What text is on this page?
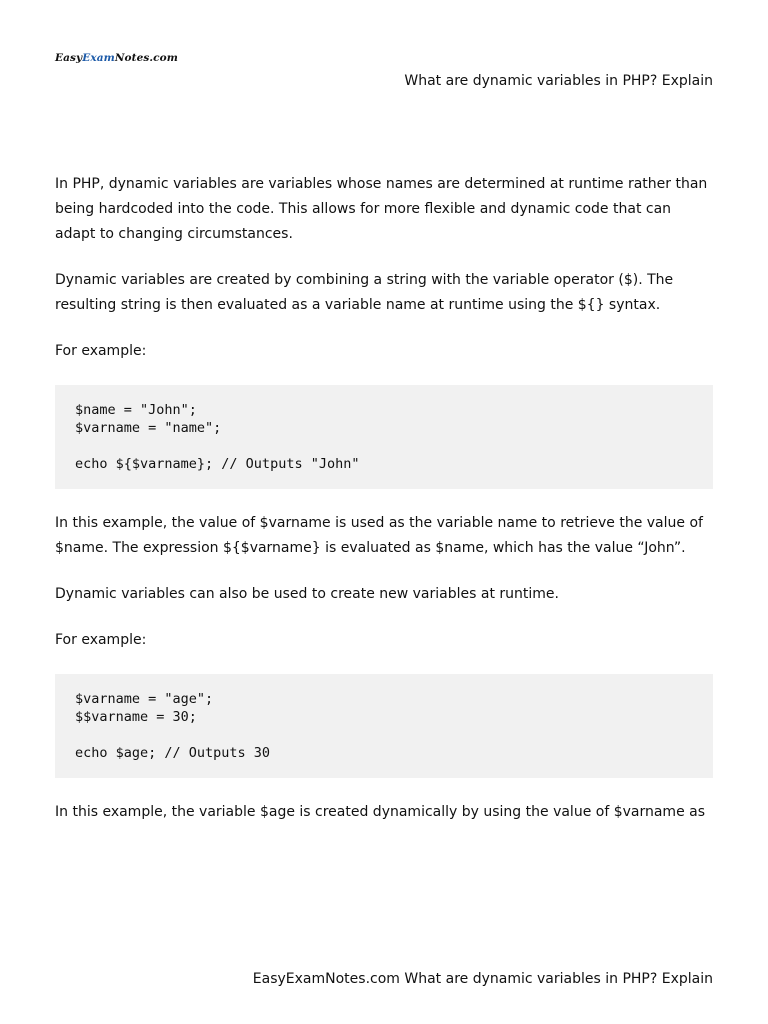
EasyExamNotes.com
What are dynamic variables in PHP? Explain

In PHP, dynamic variables are variables whose names are determined at runtime rather than being hardcoded into the code. This allows for more flexible and dynamic code that can adapt to changing circumstances.

Dynamic variables are created by combining a string with the variable operator ($). The resulting string is then evaluated as a variable name at runtime using the ${} syntax.

For example:

$name = "John";
$varname = "name";
echo ${$varname}; // Outputs "John"

In this example, the value of $varname is used as the variable name to retrieve the value of $name. The expression ${$varname} is evaluated as $name, which has the value “John”.

Dynamic variables can also be used to create new variables at runtime.

For example:

$varname = "age";
$$varname = 30;
echo $age; // Outputs 30

In this example, the variable $age is created dynamically by using the value of $varname as

EasyExamNotes.com What are dynamic variables in PHP? Explain
